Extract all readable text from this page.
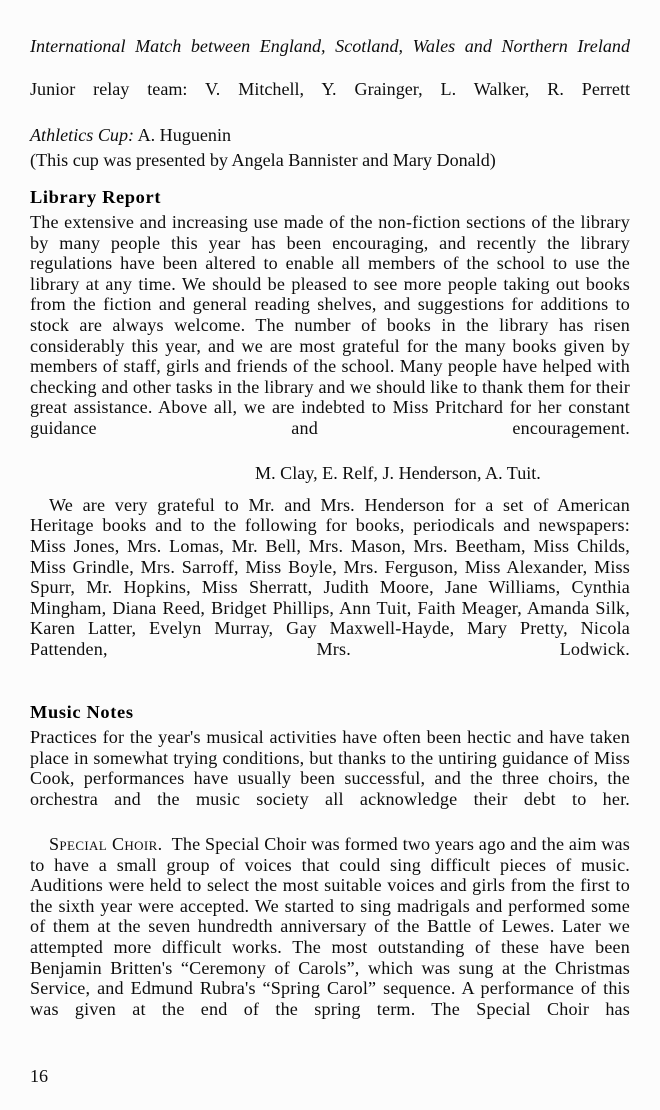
International Match between England, Scotland, Wales and Northern Ireland
Junior relay team: V. Mitchell, Y. Grainger, L. Walker, R. Perrett
Athletics Cup: A. Huguenin
(This cup was presented by Angela Bannister and Mary Donald)
Library Report

The extensive and increasing use made of the non-fiction sections of the library by many people this year has been encouraging, and recently the library regulations have been altered to enable all members of the school to use the library at any time. We should be pleased to see more people taking out books from the fiction and general reading shelves, and suggestions for additions to stock are always welcome. The number of books in the library has risen considerably this year, and we are most grateful for the many books given by members of staff, girls and friends of the school. Many people have helped with checking and other tasks in the library and we should like to thank them for their great assistance. Above all, we are indebted to Miss Pritchard for her constant guidance and encouragement.

M. Clay, E. Relf, J. Henderson, A. Tuit.

We are very grateful to Mr. and Mrs. Henderson for a set of American Heritage books and to the following for books, periodicals and newspapers: Miss Jones, Mrs. Lomas, Mr. Bell, Mrs. Mason, Mrs. Beetham, Miss Childs, Miss Grindle, Mrs. Sarroff, Miss Boyle, Mrs. Ferguson, Miss Alexander, Miss Spurr, Mr. Hopkins, Miss Sherratt, Judith Moore, Jane Williams, Cynthia Mingham, Diana Reed, Bridget Phillips, Ann Tuit, Faith Meager, Amanda Silk, Karen Latter, Evelyn Murray, Gay Maxwell-Hayde, Mary Pretty, Nicola Pattenden, Mrs. Lodwick.

Music Notes

Practices for the year's musical activities have often been hectic and have taken place in somewhat trying conditions, but thanks to the untiring guidance of Miss Cook, performances have usually been successful, and the three choirs, the orchestra and the music society all acknowledge their debt to her.

Special Choir. The Special Choir was formed two years ago and the aim was to have a small group of voices that could sing difficult pieces of music. Auditions were held to select the most suitable voices and girls from the first to the sixth year were accepted. We started to sing madrigals and performed some of them at the seven hundredth anniversary of the Battle of Lewes. Later we attempted more difficult works. The most outstanding of these have been Benjamin Britten's “Ceremony of Carols”, which was sung at the Christmas Service, and Edmund Rubra's “Spring Carol” sequence. A performance of this was given at the end of the spring term. The Special Choir has

16
